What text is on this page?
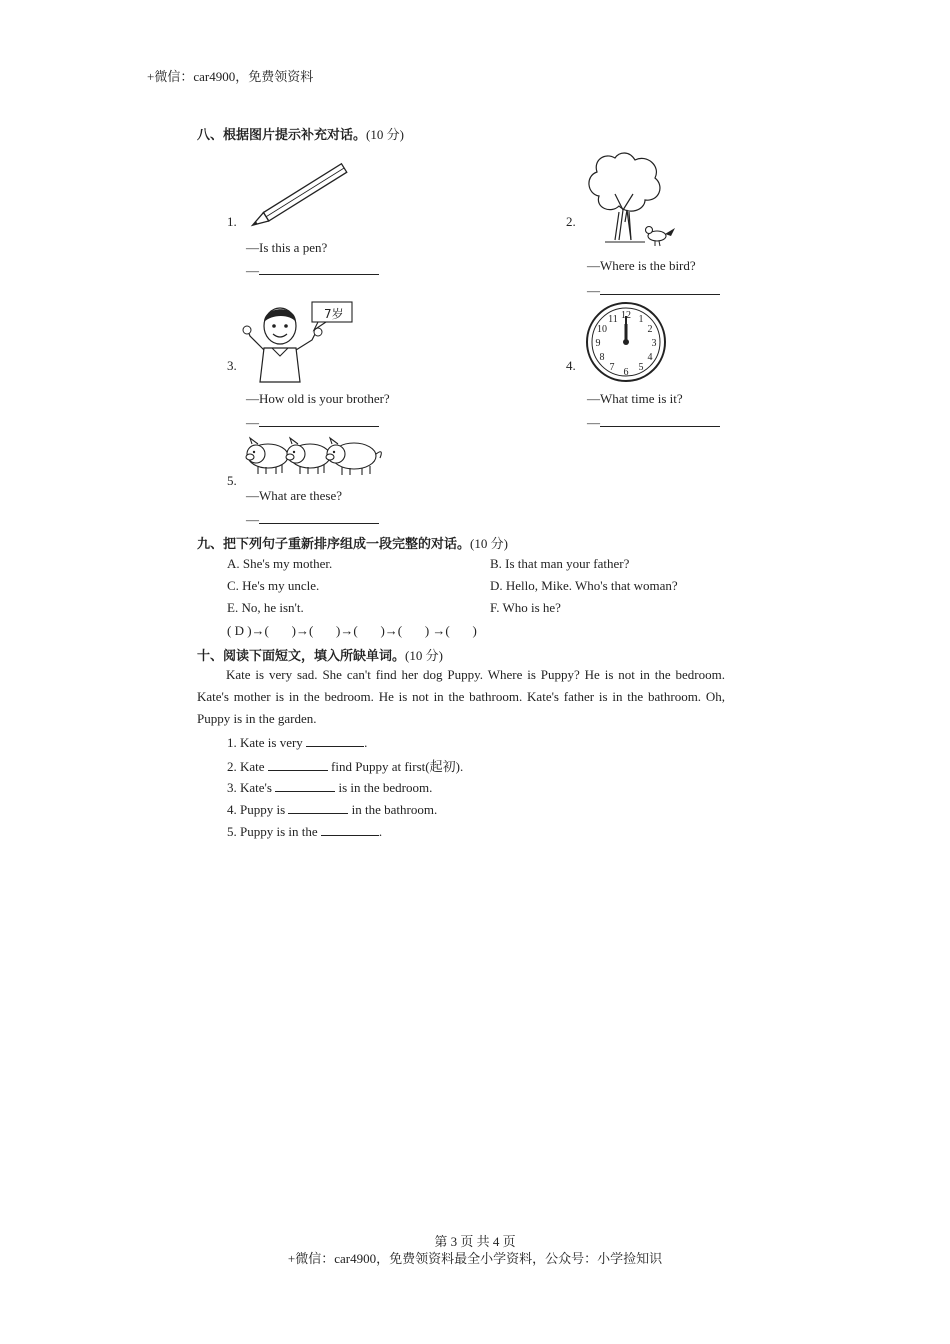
+微信：car4900，免费领资料
八、根据图片提示补充对话。(10 分)
1.
—Is this a pen?
—
2.
—Where is the bird?
—
7岁
3.
—How old is your brother?
—
12 1
2
3
4
5
6
7
8
9
10
11
4.
—What time is it?
—
5.
—What are these?
—
九、把下列句子重新排序组成一段完整的对话。(10 分)
A. She's my mother.	B. Is that man your father?
C. He's my uncle.	D. Hello, Mike. Who's that woman?
E. No, he isn't.	F. Who is he?
( D )→(       )→(       )→(       )→(       ) →(       )
十、阅读下面短文，填入所缺单词。(10 分)
Kate is very sad. She can't find her dog Puppy. Where is Puppy? He is not in the bedroom. Kate's mother is in the bedroom. He is not in the bathroom. Kate's father is in the bathroom. Oh, Puppy is in the garden.
1. Kate is very	.
2. Kate	find Puppy at first(起初).
3. Kate's	is in the bedroom.
4. Puppy is	in the bathroom.
5. Puppy is in the	.
第 3 页 共 4 页
+微信：car4900，免费领资料最全小学资料，公众号：小学捡知识
